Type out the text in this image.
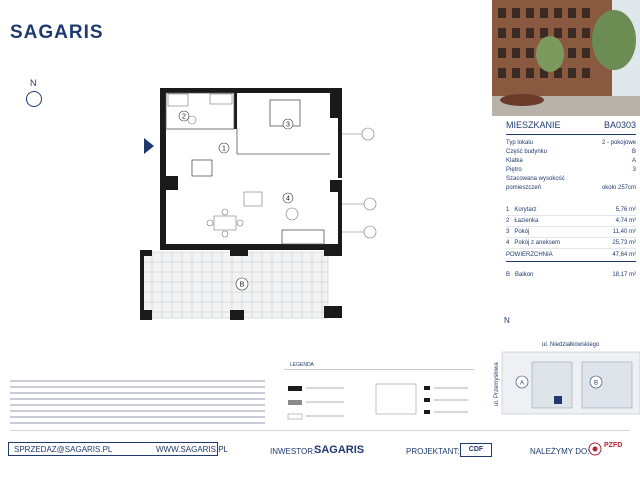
SAGARIS
N
1
2
3
4
B
MIESZKANIE	BA0303
Typ lokalu	2 - pokojowe
Część budynku	B
Klatka	A
Piętro	3
Szacowana wysokość pomieszczeń	około 257cm
1 Korytarz	5,76 m²
2 Łazienka	4,74 m²
3 Pokój	11,40 m²
4 Pokój z aneksem	25,73 m²
POWIERZCHNIA	47,64 m²
B Balkon	18,17 m²
N
A	B
ul. Niedziałkowskiego
ul. Przemysłowa
LEGENDA
SPRZEDAZ@SAGARIS.PL	WWW.SAGARIS.PL	INWESTOR:
SAGARIS	PROJEKTANT:	CDF	NALEŻYMY DO:
PZFD
